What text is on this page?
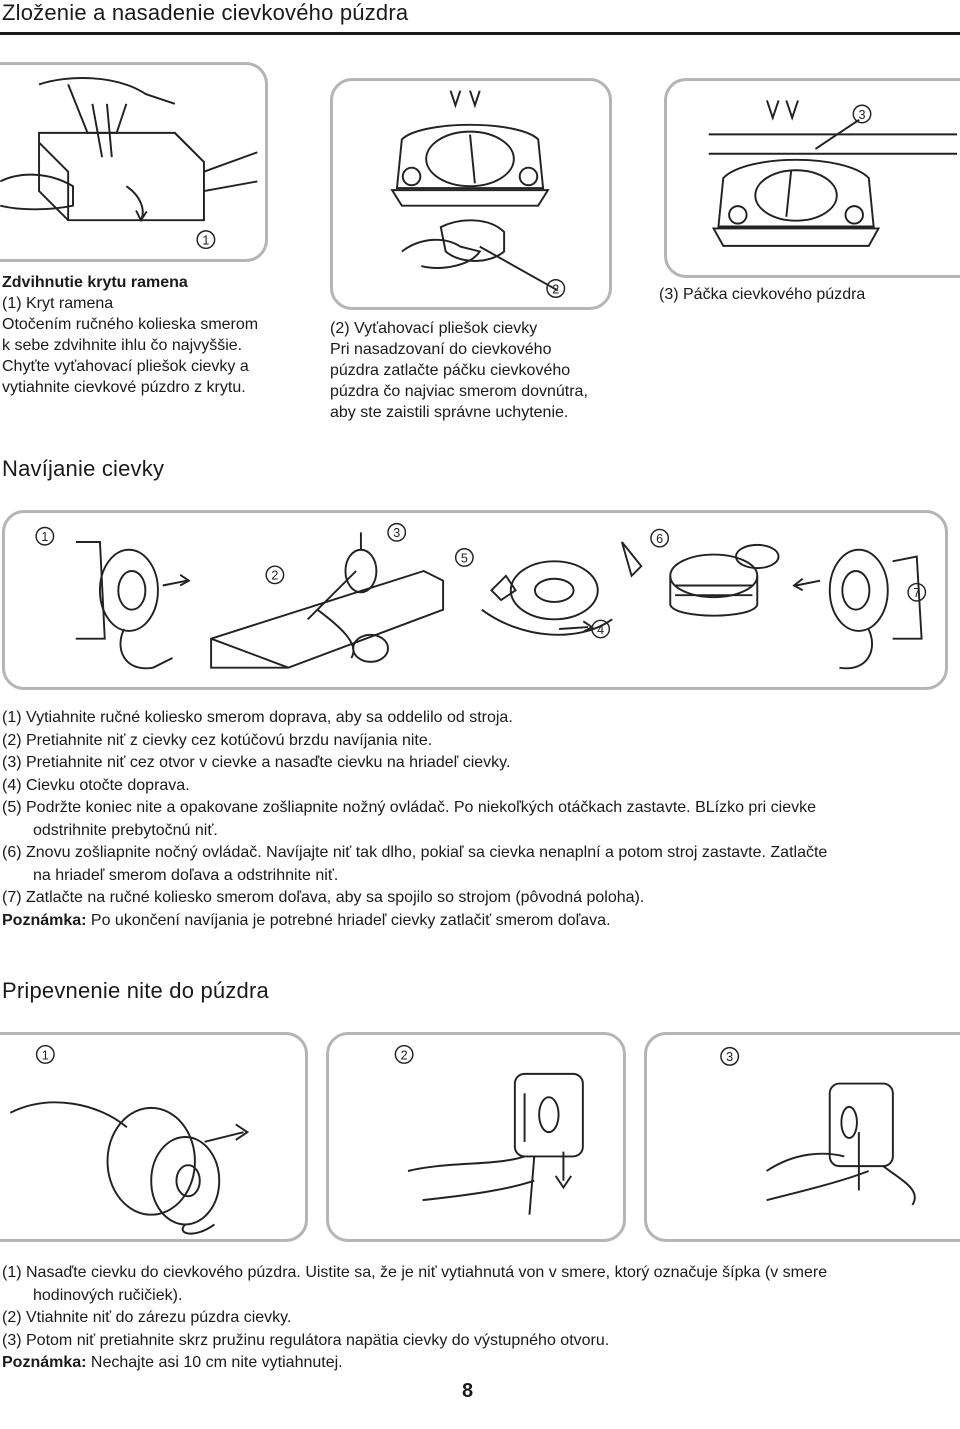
Zloženie a nasadenie cievkového púzdra
1

Zdvihnutie krytu ramena

(1) Kryt ramena

Otočením ručného kolieska smerom

k sebe zdvihnite ihlu čo najvyššie.

Chyťte vyťahovací pliešok cievky a

vytiahnite cievkové púzdro z krytu.

2

(2) Vyťahovací pliešok cievky

Pri nasadzovaní do cievkového

púzdra zatlačte páčku cievkového

púzdra čo najviac smerom dovnútra,

aby ste zaistili správne uchytenie.

3
(3) Páčka cievkového púzdra
Navíjanie cievky
1
2
3
4
5
6
7

(1) Vytiahnite ručné koliesko smerom doprava, aby sa oddelilo od stroja.

(2) Pretiahnite niť z cievky cez kotúčovú brzdu navíjania nite.

(3) Pretiahnite niť cez otvor v cievke a nasaďte cievku na hriadeľ cievky.

(4) Cievku otočte doprava.

(5) Podržte koniec nite a opakovane zošliapnite nožný ovládač. Po niekoľkých otáčkach zastavte. BLízko pri cievke

odstrihnite prebytočnú niť.

(6) Znovu zošliapnite nočný ovládač. Navíjajte niť tak dlho, pokiaľ sa cievka nenaplní a potom stroj zastavte. Zatlačte

na hriadeľ smerom doľava a odstrihnite niť.

(7) Zatlačte na ručné koliesko smerom doľava, aby sa spojilo so strojom (pôvodná poloha).

Poznámka: Po ukončení navíjania je potrebné hriadeľ cievky zatlačiť smerom doľava.

Pripevnenie nite do púzdra
1	2	3

(1) Nasaďte cievku do cievkového púzdra. Uistite sa, že je niť vytiahnutá von v smere, ktorý označuje šípka (v smere

hodinových ručičiek).

(2) Vtiahnite niť do zárezu púzdra cievky.

(3) Potom niť pretiahnite skrz pružinu regulátora napätia cievky do výstupného otvoru.

Poznámka: Nechajte asi 10 cm nite vytiahnutej.

8
